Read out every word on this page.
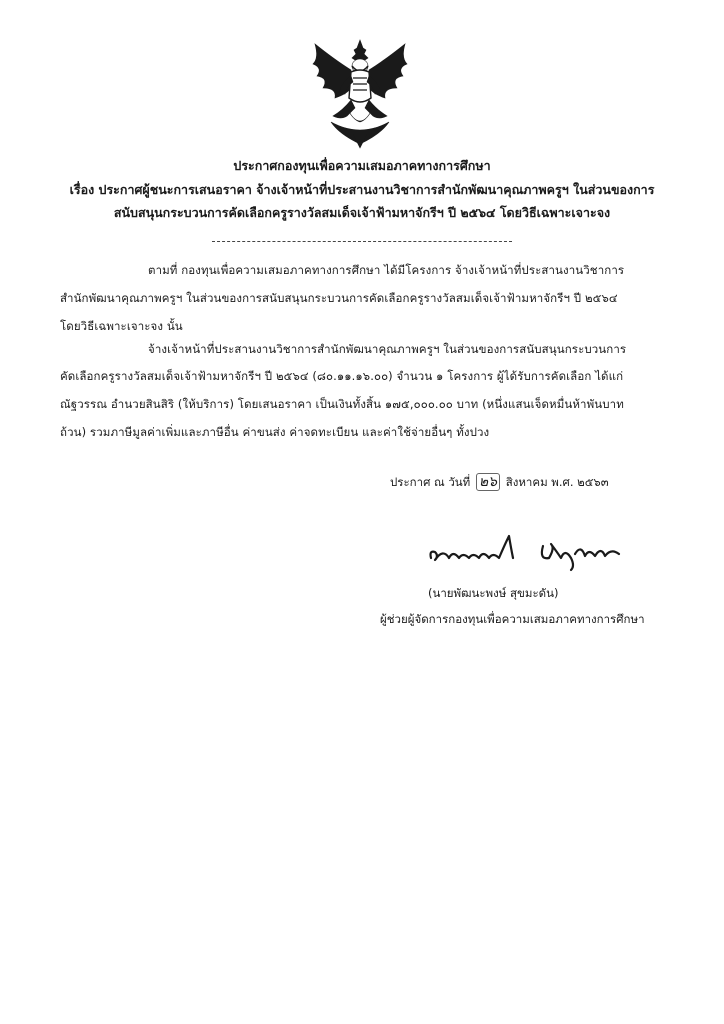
ประกาศกองทุนเพื่อความเสมอภาคทางการศึกษา
เรื่อง ประกาศผู้ชนะการเสนอราคา จ้างเจ้าหน้าที่ประสานงานวิชาการสำนักพัฒนาคุณภาพครูฯ ในส่วนของการ
สนับสนุนกระบวนการคัดเลือกครูรางวัลสมเด็จเจ้าฟ้ามหาจักรีฯ ปี ๒๕๖๔ โดยวิธีเฉพาะเจาะจง
ตามที่ กองทุนเพื่อความเสมอภาคทางการศึกษา ได้มีโครงการ จ้างเจ้าหน้าที่ประสานงานวิชาการ
สำนักพัฒนาคุณภาพครูฯ ในส่วนของการสนับสนุนกระบวนการคัดเลือกครูรางวัลสมเด็จเจ้าฟ้ามหาจักรีฯ ปี ๒๕๖๔
โดยวิธีเฉพาะเจาะจง นั้น
จ้างเจ้าหน้าที่ประสานงานวิชาการสำนักพัฒนาคุณภาพครูฯ ในส่วนของการสนับสนุนกระบวนการ
คัดเลือกครูรางวัลสมเด็จเจ้าฟ้ามหาจักรีฯ ปี ๒๕๖๔ (๘๐.๑๑.๑๖.๐๐) จำนวน ๑ โครงการ ผู้ได้รับการคัดเลือก ได้แก่
ณัฐวรรณ อำนวยสินสิริ (ให้บริการ) โดยเสนอราคา เป็นเงินทั้งสิ้น ๑๗๕,๐๐๐.๐๐ บาท (หนึ่งแสนเจ็ดหมื่นห้าพันบาท
ถ้วน) รวมภาษีมูลค่าเพิ่มและภาษีอื่น ค่าขนส่ง ค่าจดทะเบียน และค่าใช้จ่ายอื่นๆ ทั้งปวง
ประกาศ ณ วันที่ ๒๖ สิงหาคม พ.ศ. ๒๕๖๓
(นายพัฒนะพงษ์ สุขมะดัน)
ผู้ช่วยผู้จัดการกองทุนเพื่อความเสมอภาคทางการศึกษา
